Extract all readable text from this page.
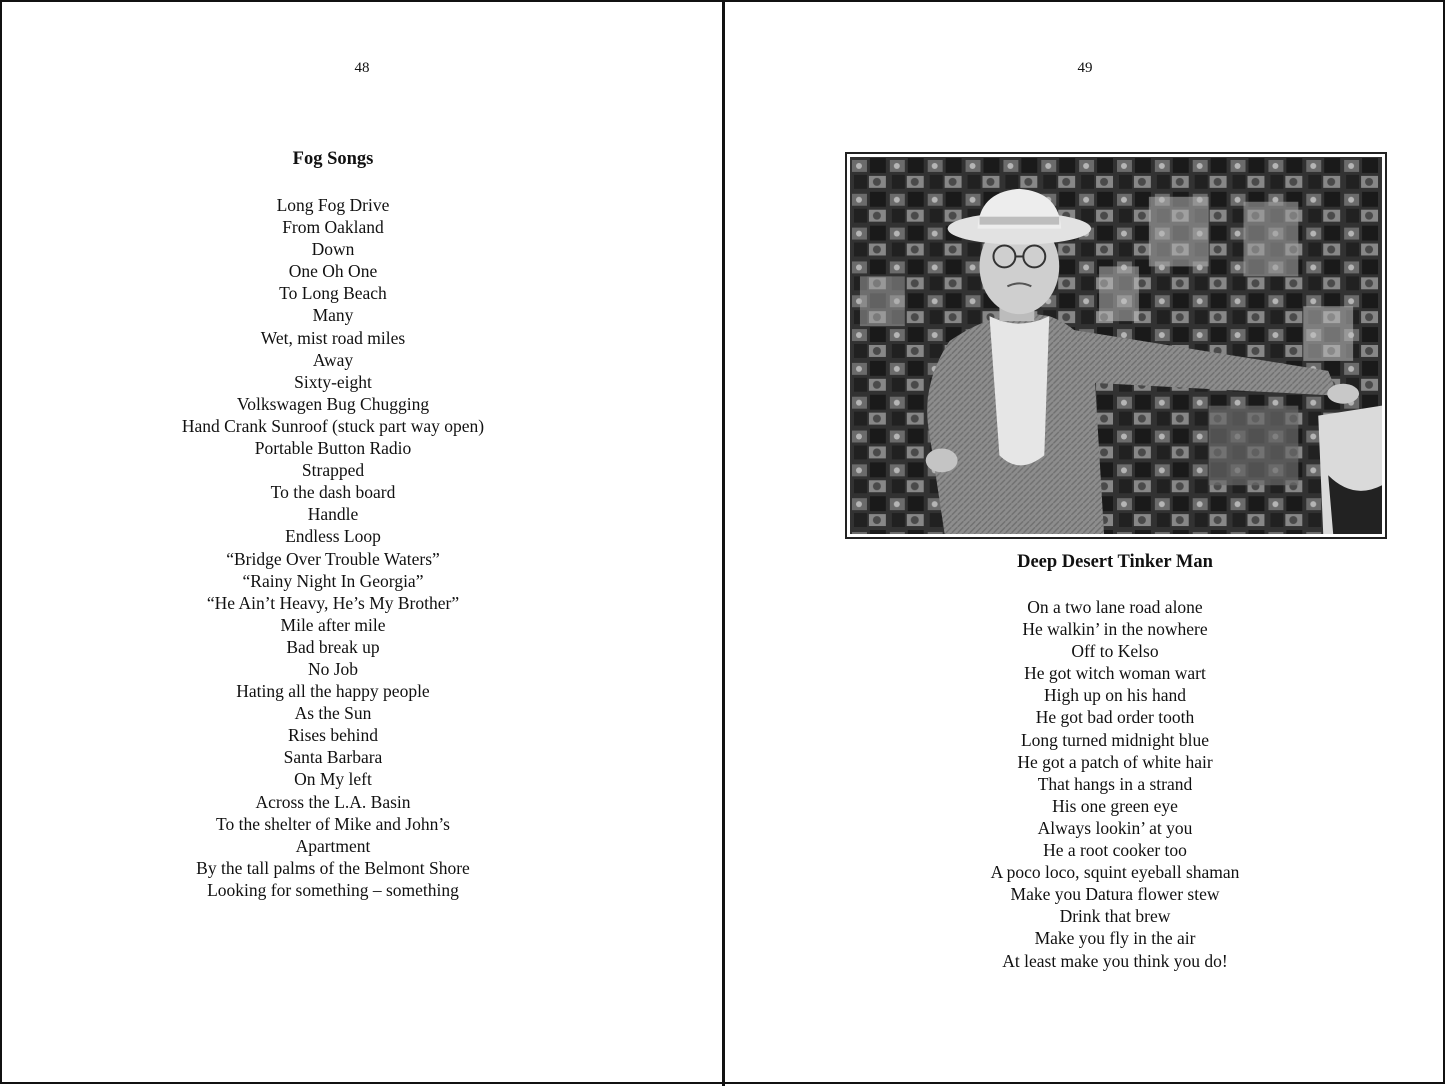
48
Fog Songs
Long Fog Drive
From Oakland
Down
One Oh One
To Long Beach
Many
Wet, mist road miles
Away
Sixty-eight
Volkswagen Bug Chugging
Hand Crank Sunroof (stuck part way open)
Portable Button Radio
Strapped
To the dash board
Handle
Endless Loop
“Bridge Over Trouble Waters”
“Rainy Night In Georgia”
“He Ain’t Heavy, He’s My Brother”
Mile after mile
Bad break up
No Job
Hating all the happy people
As the Sun
Rises behind
Santa Barbara
On My left
Across the L.A. Basin
To the shelter of Mike and John’s
Apartment
By the tall palms of the Belmont Shore
Looking for something – something
49
Deep Desert Tinker Man
On a two lane road alone
He walkin’ in the nowhere
Off to Kelso
He got witch woman wart
High up on his hand
He got bad order tooth
Long turned midnight blue
He got a patch of white hair
That hangs in a strand
His one green eye
Always lookin’ at you
He a root cooker too
A poco loco, squint eyeball shaman
Make you Datura flower stew
Drink that brew
Make you fly in the air
At least make you think you do!
